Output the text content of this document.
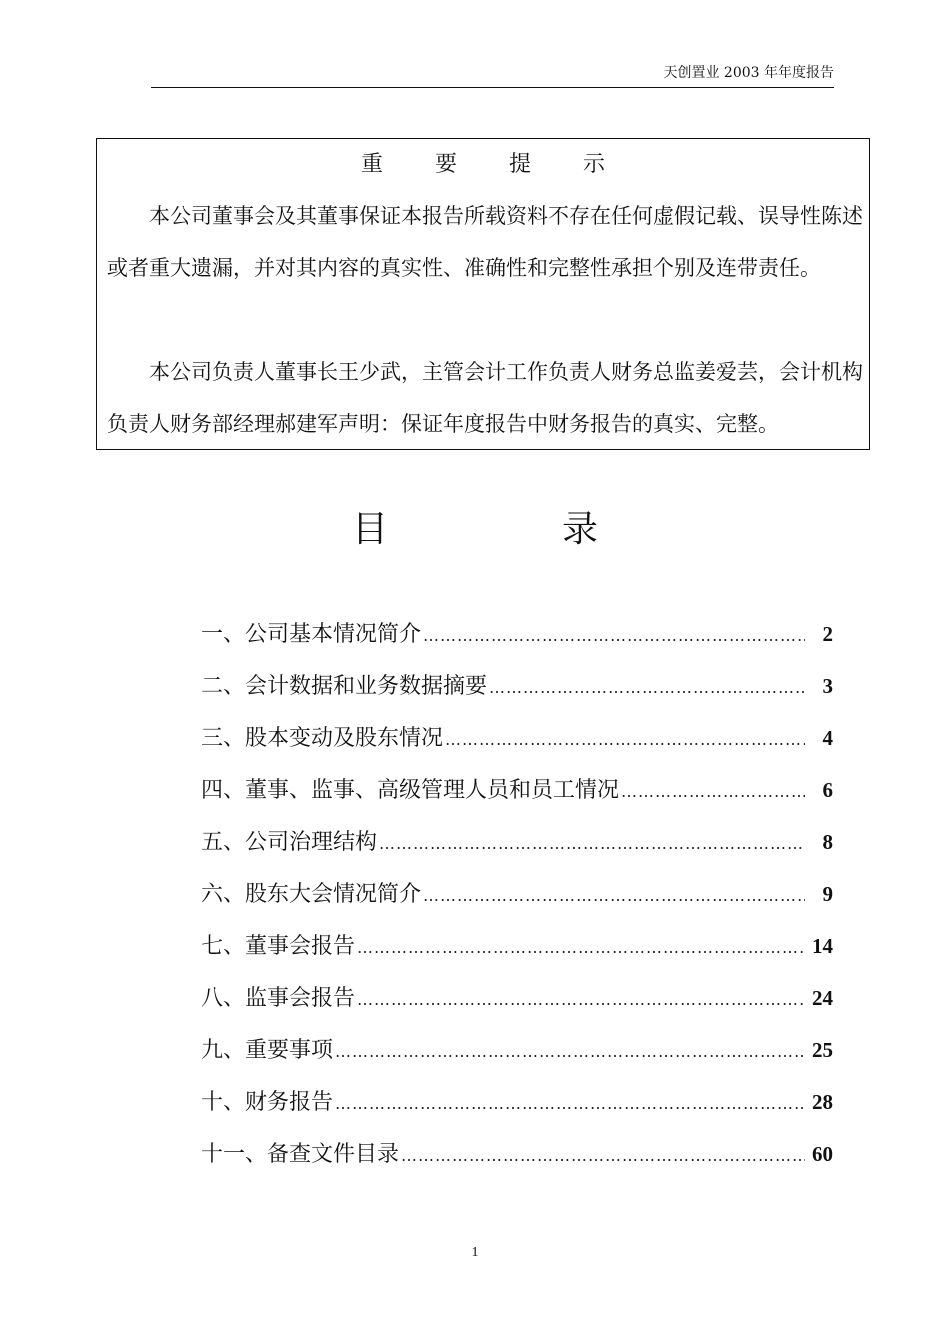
天创置业 2003 年年度报告
重	要	提	示

本公司董事会及其董事保证本报告所载资料不存在任何虚假记载、误导性陈述或者重大遗漏，并对其内容的真实性、准确性和完整性承担个别及连带责任。

本公司负责人董事长王少武，主管会计工作负责人财务总监姜爱芸，会计机构负责人财务部经理郝建军声明：保证年度报告中财务报告的真实、完整。

目	录
一、公司基本情况简介 ……………………………………………………………………………………………………………………………………	2
二、会计数据和业务数据摘要 ……………………………………………………………………………………………………………………………………	3
三、股本变动及股东情况 ……………………………………………………………………………………………………………………………………	4
四、董事、监事、高级管理人员和员工情况 ……………………………………………………………………………………………………………………………………	6
五、公司治理结构 ……………………………………………………………………………………………………………………………………	8
六、股东大会情况简介 ……………………………………………………………………………………………………………………………………	9
七、董事会报告 ……………………………………………………………………………………………………………………………………	14
八、监事会报告 ……………………………………………………………………………………………………………………………………	24
九、重要事项 ……………………………………………………………………………………………………………………………………	25
十、财务报告 ……………………………………………………………………………………………………………………………………	28
十一、备查文件目录 ……………………………………………………………………………………………………………………………………	60
1
